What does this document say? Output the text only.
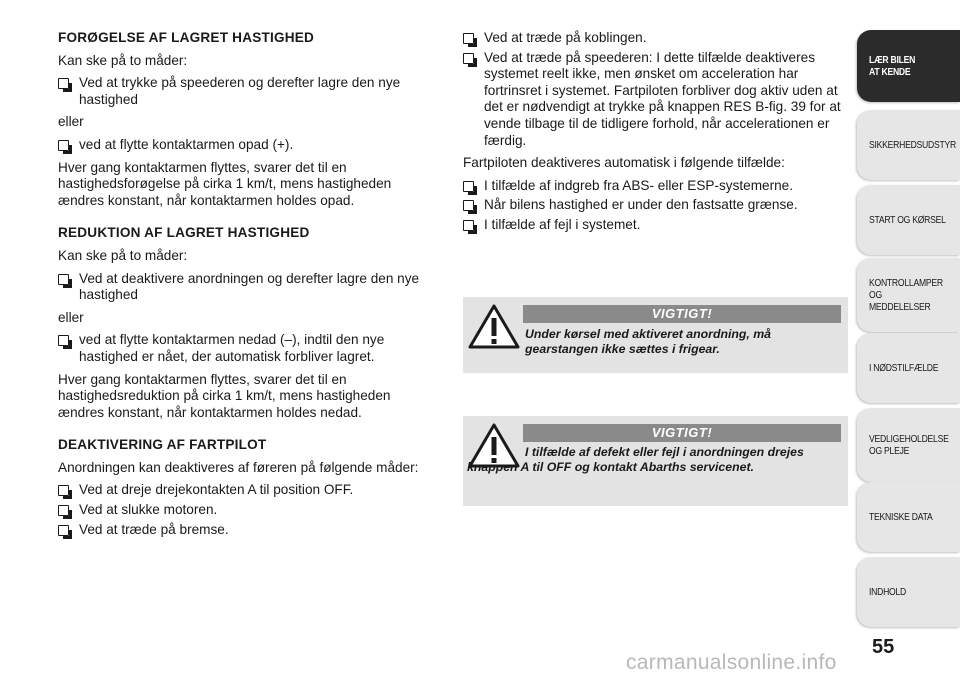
FORØGELSE AF LAGRET HASTIGHED
Kan ske på to måder:
Ved at trykke på speederen og derefter lagre den nye hastighed
eller
ved at flytte kontaktarmen opad (+).
Hver gang kontaktarmen flyttes, svarer det til en hastighedsforøgelse på cirka 1 km/t, mens hastigheden ændres konstant, når kontaktarmen holdes opad.
REDUKTION AF LAGRET HASTIGHED
Kan ske på to måder:
Ved at deaktivere anordningen og derefter lagre den nye hastighed
eller
ved at flytte kontaktarmen nedad (–), indtil den nye hastighed er nået, der automatisk forbliver lagret.
Hver gang kontaktarmen flyttes, svarer det til en hastighedsreduktion på cirka 1 km/t, mens hastigheden ændres konstant, når kontaktarmen holdes nedad.
DEAKTIVERING AF FARTPILOT
Anordningen kan deaktiveres af føreren på følgende måder:
Ved at dreje drejekontakten A til position OFF.
Ved at slukke motoren.
Ved at træde på bremse.
Ved at træde på koblingen.
Ved at træde på speederen: I dette tilfælde deaktiveres systemet reelt ikke, men ønsket om acceleration har fortrinsret i systemet. Fartpiloten forbliver dog aktiv uden at det er nødvendigt at trykke på knappen RES B-fig. 39 for at vende tilbage til de tidligere forhold, når accelerationen er færdig.
Fartpiloten deaktiveres automatisk i følgende tilfælde:
I tilfælde af indgreb fra ABS- eller ESP-systemerne.
Når bilens hastighed er under den fastsatte grænse.
I tilfælde af fejl i systemet.
VIGTIGT!
Under kørsel med aktiveret anordning, må gearstangen ikke sættes i frigear.
VIGTIGT!
I tilfælde af defekt eller fejl i anordningen drejes knappen A til OFF og kontakt Abarths servicenet.
LÆR BILEN AT KENDE
SIKKERHEDSUDSTYR
START OG KØRSEL
KONTROLLAMPER OG MEDDELELSER
I NØDSTILFÆLDE
VEDLIGEHOLDELSE OG PLEJE
TEKNISKE DATA
INDHOLD
55
carmanualsonline.info
